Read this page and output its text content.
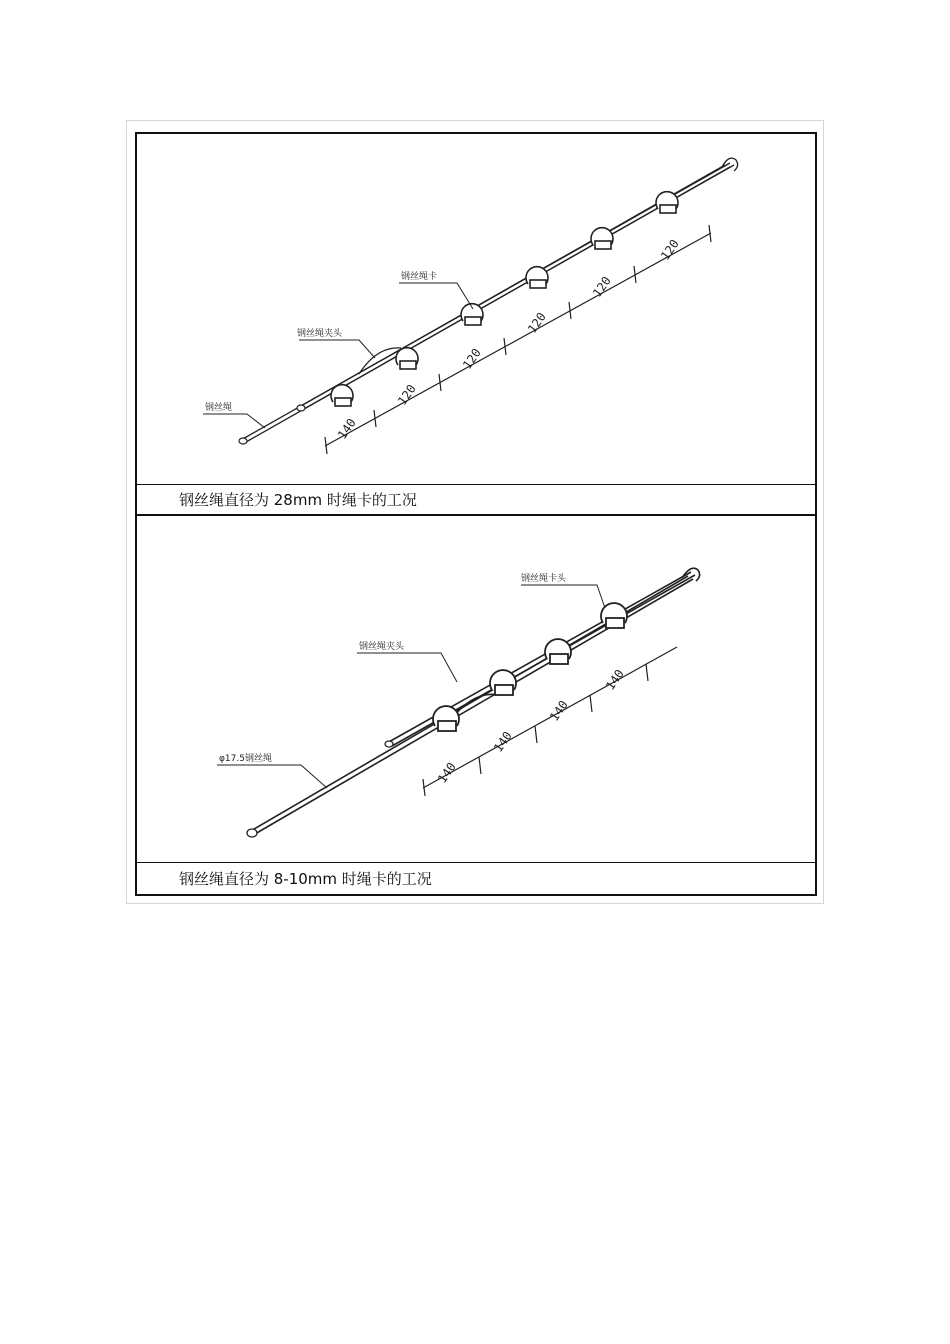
140
120
120
120
120
120
钢丝绳卡
钢丝绳夹头
钢丝绳
钢丝绳直径为 28mm 时绳卡的工况
140
140
140
140
钢丝绳卡头
钢丝绳夹头
φ17.5钢丝绳
钢丝绳直径为 8-10mm 时绳卡的工况
